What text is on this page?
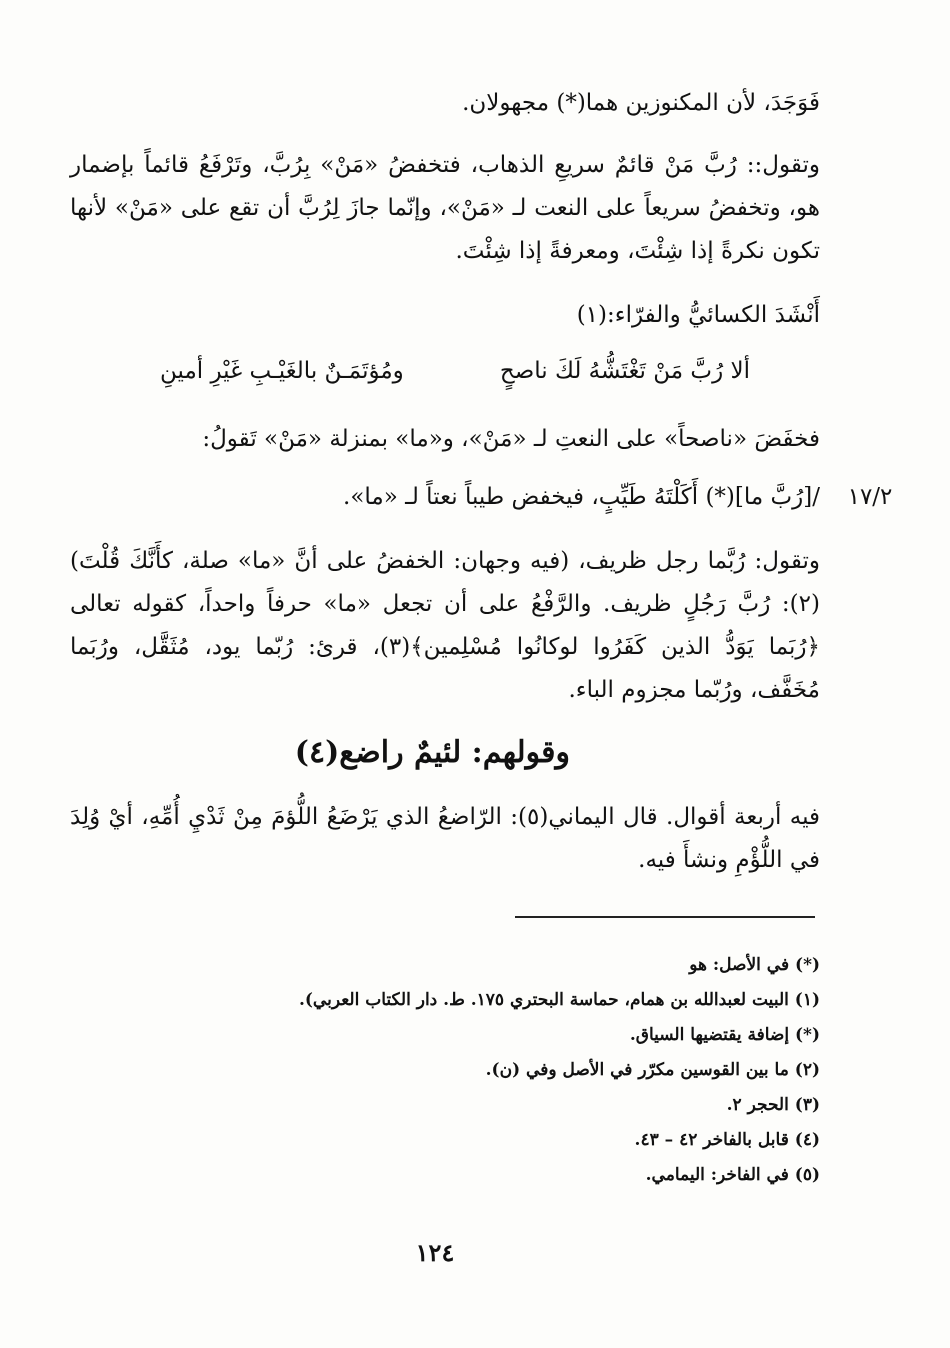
فَوَجَدَ، لأن المكنوزين هما(*) مجهولان.
وتقول:: رُبَّ مَنْ قائمٌ سريعِ الذهاب، فتخفضُ «مَنْ» بِرُبَّ، وتَرْفَعُ قائماً بإضمار هو، وتخفضُ سريعاً على النعت لـ «مَنْ»، وإنّما جازَ لِرُبَّ أن تقع على «مَنْ» لأنها تكون نكرةً إذا شِئْتَ، ومعرفةً إذا شِئْتَ.
أَنْشَدَ الكسائيُّ والفرّاء:(١)
ألا رُبَّ مَنْ تَغْتَشُّهُ لَكَ ناصحٍ
ومُؤتَمَـنٌ بالغَيْـبِ غَيْرِ أمينِ
فخفَضَ «ناصحاً» على النعتِ لـ «مَنْ»، و«ما» بمنزلة «مَنْ» تَقولُ:
/[رُبَّ ما](*) أَكَلْتَهُ طَيِّبٍ، فيخفض طيباً نعتاً لـ «ما».	١٧/٢
وتقول: رُبَّما رجل ظريف، (فيه وجهان: الخفضُ على أنَّ «ما» صلة، كأَنَّكَ قُلْتَ)(٢): رُبَّ رَجُلٍ ظريف. والرَّفْعُ على أن تجعل «ما» حرفاً واحداً، كقوله تعالى ﴿رُبَما يَوَدُّ الذين كَفَرُوا لوكانُوا مُسْلِمين﴾(٣)، قرئ: رُبّما يود، مُثَقَّل، ورُبَما مُخَفَّف، ورُبّما مجزوم الباء.
وقولهم: لئيمٌ راضع(٤)
فيه أربعة أقوال. قال اليماني(٥): الرّاضعُ الذي يَرْضَعُ اللُّؤمَ مِنْ ثَدْيِ أُمِّهِ، أيْ وُلِدَ في اللُّؤْمِ ونشأَ فيه.
(*) في الأصل: هو
(١) البيت لعبدالله بن همام، حماسة البحتري ١٧٥. ط. دار الكتاب العربي).
(*) إضافة يقتضيها السياق.
(٢) ما بين القوسين مكرّر في الأصل وفي (ن).
(٣) الحجر ٢.
(٤) قابل بالفاخر ٤٢ – ٤٣.
(٥) في الفاخر: اليمامي.
١٢٤
